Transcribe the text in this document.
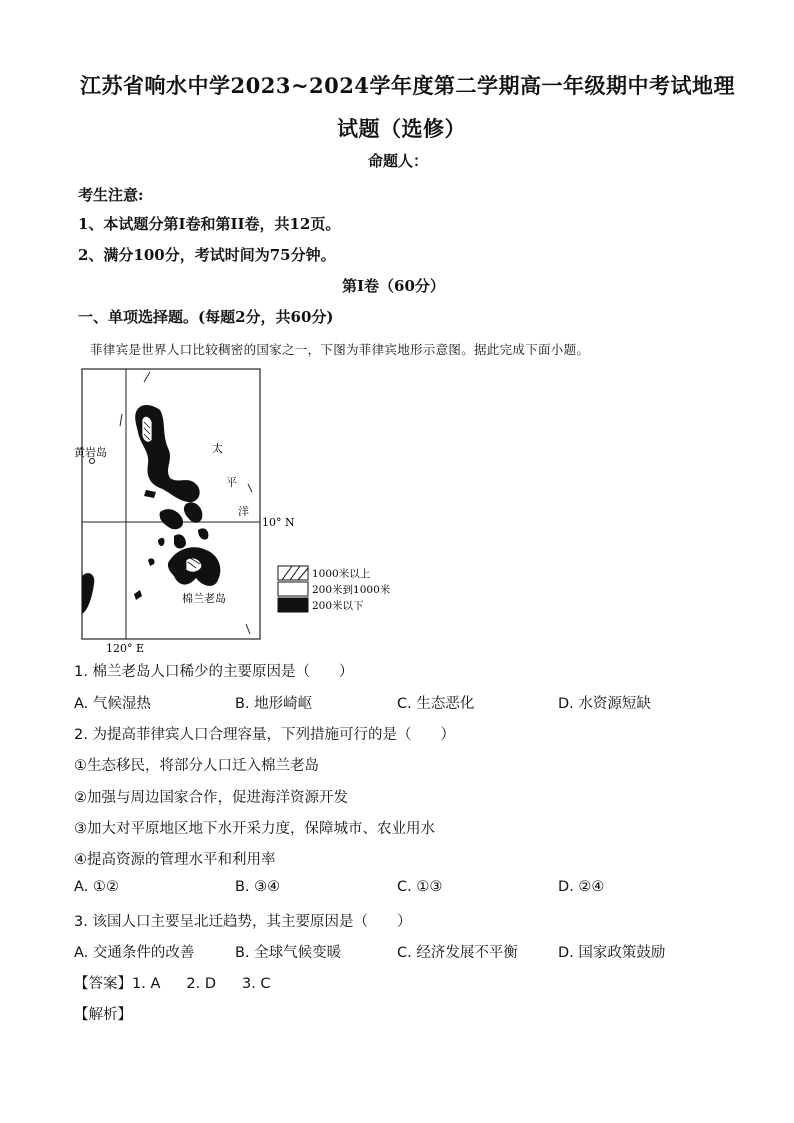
江苏省响水中学2023~2024学年度第二学期高一年级期中考试地理
试题（选修）
命题人：
考生注意:
1、本试题分第I卷和第II卷，共12页。
2、满分100分，考试时间为75分钟。
第I卷（60分）
一、单项选择题。(每题2分，共60分)
菲律宾是世界人口比较稠密的国家之一，下图为菲律宾地形示意图。据此完成下面小题。
黄岩岛	太
平
洋
10° N
120° E
棉兰老岛
1000米以上
200米到1000米
200米以下
1. 棉兰老岛人口稀少的主要原因是（　　）
A. 气候湿热	B. 地形崎岖	C. 生态恶化	D. 水资源短缺
2. 为提高菲律宾人口合理容量，下列措施可行的是（　　）
①生态移民，将部分人口迁入棉兰老岛
②加强与周边国家合作，促进海洋资源开发
③加大对平原地区地下水开采力度，保障城市、农业用水
④提高资源的管理水平和利用率
A. ①②	B. ③④	C. ①③	D. ②④
3. 该国人口主要呈北迁趋势，其主要原因是（　　）
A. 交通条件的改善	B. 全球气候变暖	C. 经济发展不平衡	D. 国家政策鼓励
【答案】1. A 2. D 3. C
【解析】
